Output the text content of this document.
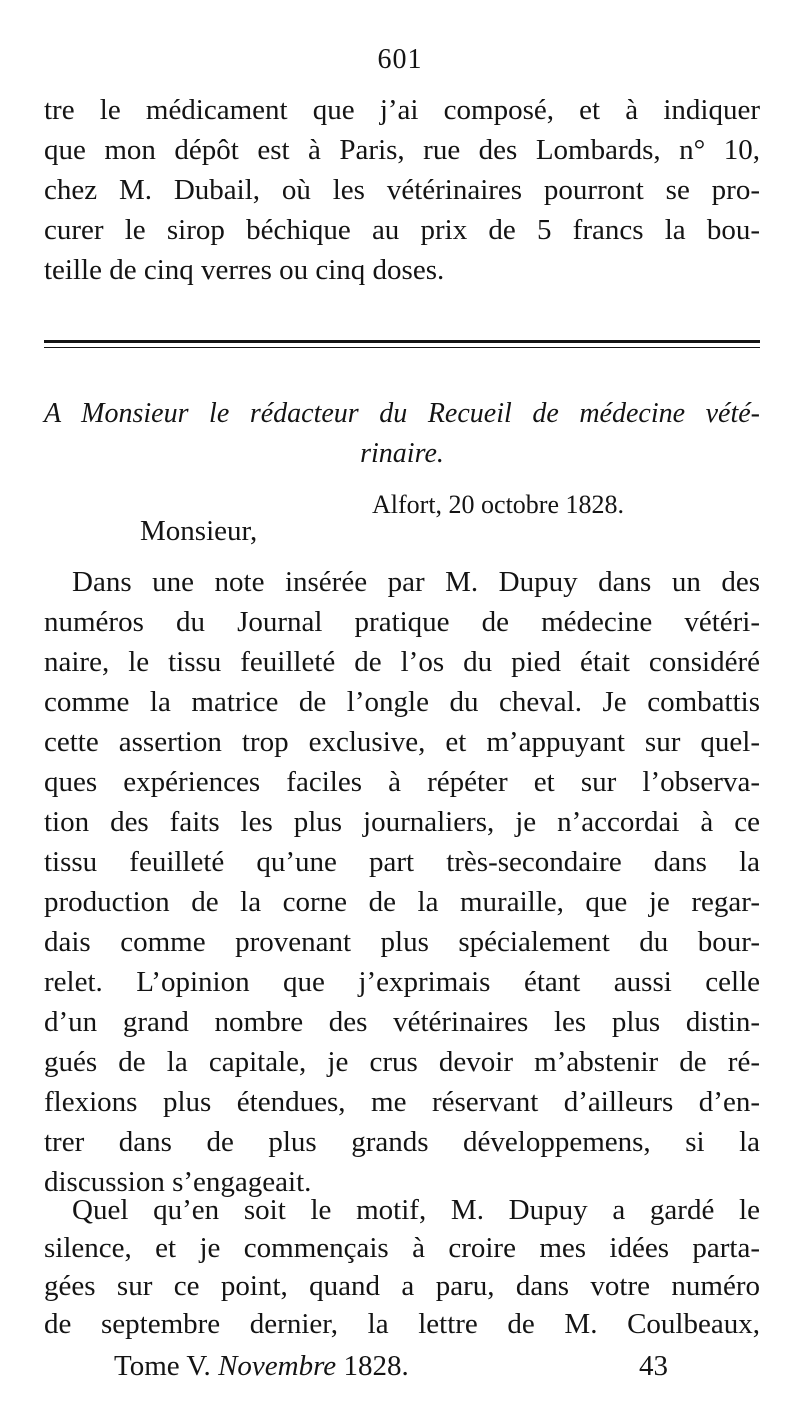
601
tre le médicament que j’ai composé, et à indiquer
que mon dépôt est à Paris, rue des Lombards, n° 10,
chez M. Dubail, où les vétérinaires pourront se pro-
curer le sirop béchique au prix de 5 francs la bou-
teille de cinq verres ou cinq doses.
A Monsieur le rédacteur du Recueil de médecine vété-
rinaire.
Alfort, 20 octobre 1828.
Monsieur,
Dans une note insérée par M. Dupuy dans un des
numéros du Journal pratique de médecine vétéri-
naire, le tissu feuilleté de l’os du pied était considéré
comme la matrice de l’ongle du cheval. Je combattis
cette assertion trop exclusive, et m’appuyant sur quel-
ques expériences faciles à répéter et sur l’observa-
tion des faits les plus journaliers, je n’accordai à ce
tissu feuilleté qu’une part très-secondaire dans la
production de la corne de la muraille, que je regar-
dais comme provenant plus spécialement du bour-
relet. L’opinion que j’exprimais étant aussi celle
d’un grand nombre des vétérinaires les plus distin-
gués de la capitale, je crus devoir m’abstenir de ré-
flexions plus étendues, me réservant d’ailleurs d’en-
trer dans de plus grands développemens, si la
discussion s’engageait.
Quel qu’en soit le motif, M. Dupuy a gardé le
silence, et je commençais à croire mes idées parta-
gées sur ce point, quand a paru, dans votre numéro
de septembre dernier, la lettre de M. Coulbeaux,
Tome V. Novembre 1828.	43
